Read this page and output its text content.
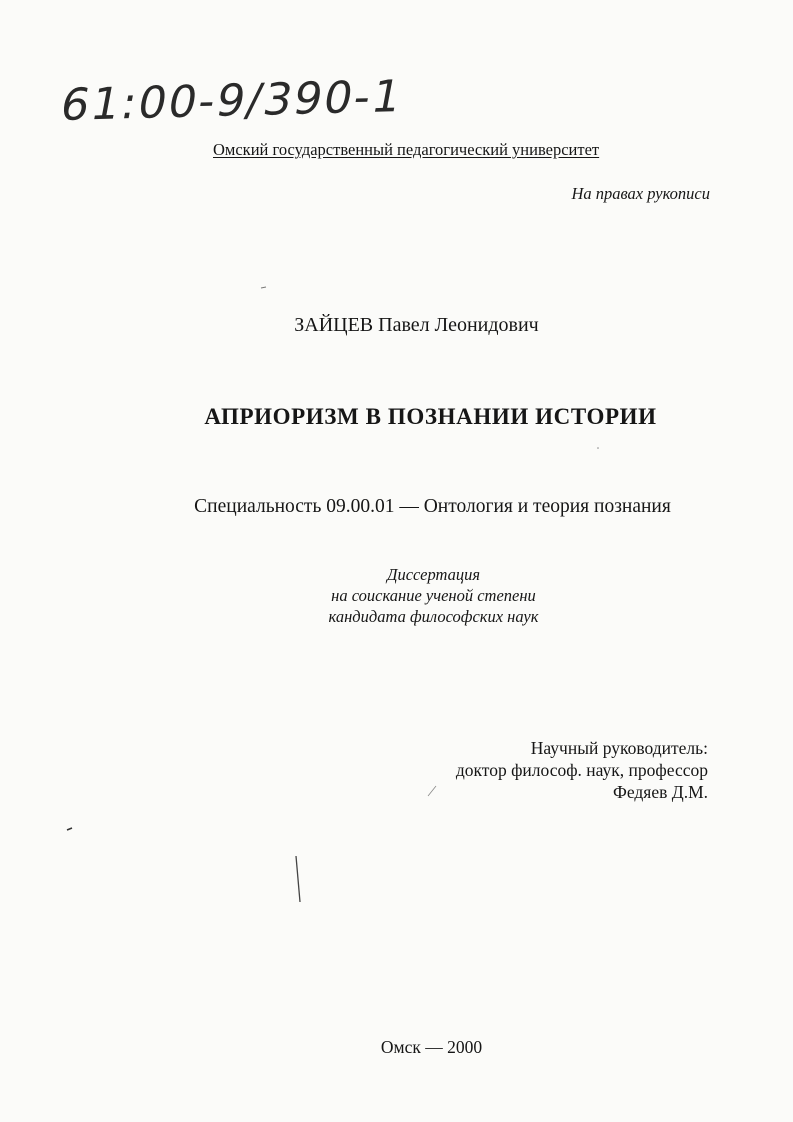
61:00-9/390-1
Омский государственный педагогический университет
На правах рукописи
ЗАЙЦЕВ Павел Леонидович
АПРИОРИЗМ В ПОЗНАНИИ ИСТОРИИ
Специальность 09.00.01 — Онтология и теория познания
Диссертация
на соискание ученой степени
кандидата философских наук
Научный руководитель:
доктор философ. наук, профессор
Федяев Д.М.
Омск — 2000
